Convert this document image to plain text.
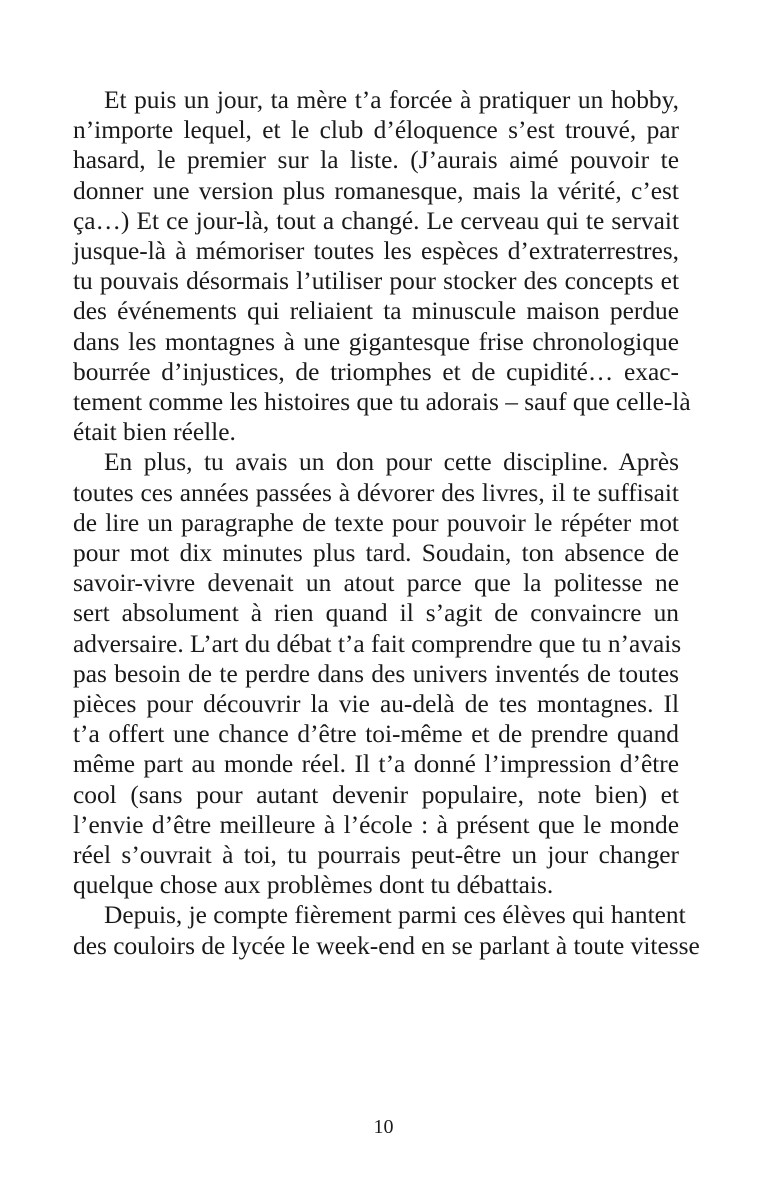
Et puis un jour, ta mère t’a forcée à pratiquer un hobby,
n’importe lequel, et le club d’éloquence s’est trouvé, par
hasard, le premier sur la liste. (J’aurais aimé pouvoir te
donner une version plus romanesque, mais la vérité, c’est
ça…) Et ce jour-là, tout a changé. Le cerveau qui te servait
jusque-là à mémoriser toutes les espèces d’extraterrestres,
tu pouvais désormais l’utiliser pour stocker des concepts et
des événements qui reliaient ta minuscule maison perdue
dans les montagnes à une gigantesque frise chronologique
bourrée d’injustices, de triomphes et de cupidité… exac-
tement comme les histoires que tu adorais – sauf que celle-là
était bien réelle.

En plus, tu avais un don pour cette discipline. Après
toutes ces années passées à dévorer des livres, il te suffisait
de lire un paragraphe de texte pour pouvoir le répéter mot
pour mot dix minutes plus tard. Soudain, ton absence de
savoir-vivre devenait un atout parce que la politesse ne
sert absolument à rien quand il s’agit de convaincre un
adversaire. L’art du débat t’a fait comprendre que tu n’avais
pas besoin de te perdre dans des univers inventés de toutes
pièces pour découvrir la vie au-delà de tes montagnes. Il
t’a offert une chance d’être toi-même et de prendre quand
même part au monde réel. Il t’a donné l’impression d’être
cool (sans pour autant devenir populaire, note bien) et
l’envie d’être meilleure à l’école : à présent que le monde
réel s’ouvrait à toi, tu pourrais peut-être un jour changer
quelque chose aux problèmes dont tu débattais.

Depuis, je compte fièrement parmi ces élèves qui hantent
des couloirs de lycée le week-end en se parlant à toute vitesse

10
